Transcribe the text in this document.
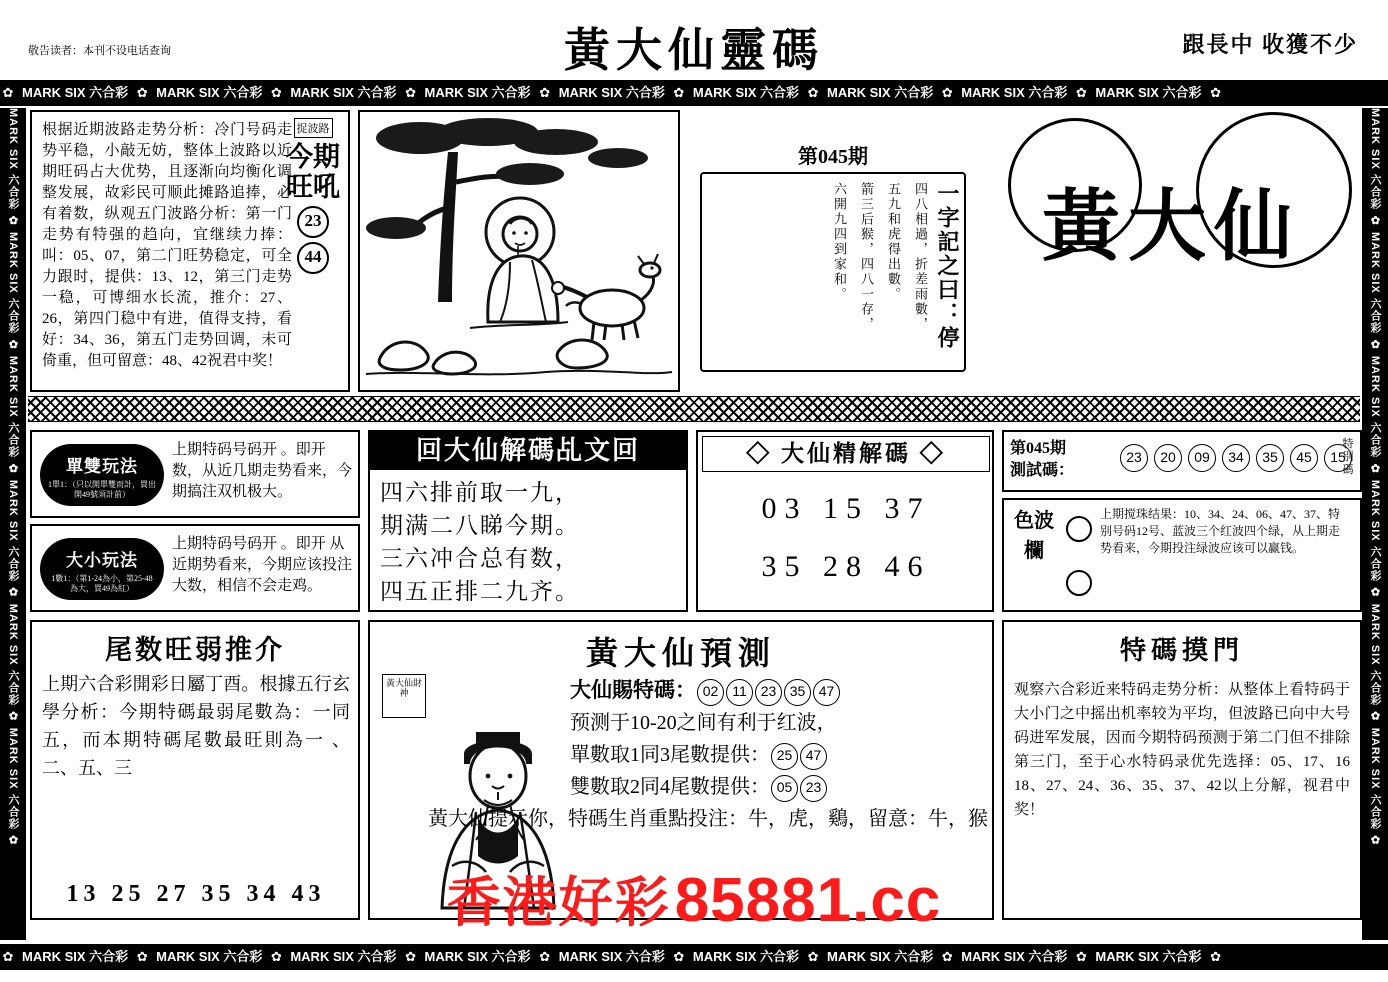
敬告读者：本刊不设电话查询	黃大仙靈碼	跟長中 收獲不少
✿ MARK SIX 六合彩 ✿ MARK SIX 六合彩 ✿ MARK SIX 六合彩 ✿ MARK SIX 六合彩 ✿ MARK SIX 六合彩 ✿ MARK SIX 六合彩 ✿ MARK SIX 六合彩 ✿ MARK SIX 六合彩 ✿ MARK SIX 六合彩 ✿
MARK SIX 六合彩 ✿ MARK SIX 六合彩 ✿ MARK SIX 六合彩 ✿ MARK SIX 六合彩 ✿ MARK SIX 六合彩 ✿ MARK SIX 六合彩 ✿	MARK SIX 六合彩 ✿ MARK SIX 六合彩 ✿ MARK SIX 六合彩 ✿ MARK SIX 六合彩 ✿ MARK SIX 六合彩 ✿ MARK SIX 六合彩 ✿
根据近期波路走势分析：冷门号码走势平稳，小敲无妨，整体上波路以近期旺码占大优势，且逐渐向均衡化调整发展，故彩民可顺此摊路追捧，必有着数，纵观五门波路分析：第一门走势有特强的趋向，宜继续力捧：叫：05、07，第二门旺势稳定，可全力跟时，提供：13、12，第三门走势一稳，可博细水长流，推介：27、26，第四门稳中有进，值得支持，看好：34、36，第五门走势回调，未可倚重，但可留意：48、42祝君中奖！
捉波路
今期旺吼
23 44
第045期
一字記之曰：停
四八相過，折差雨數，
五九和虎得出數。
箭三后猴，四八一存，
六開九四到家和。	黃大仙
單雙玩法
1單1：（只以開單雙而計，買出開49號須計前）
上期特码号码开 。即开 数，从近几期走势看来，今期搞注双机极大。
大小玩法
1數1：（第1-24為小，第25-48為大，買49為紅）
上期特码号码开 。即开 从近期势看来，今期应该投注大数，相信不会走鸡。
回大仙解碼乩文回
四六排前取一九，
期满二八睇今期。
三六冲合总有数，
四五正排二九齐。
◇ 大仙精解碼 ◇
03 15 37
35 28 46
第045期
測試碼：
23 20 09 34 35 45 15
特別碼
色波欄
上期搅珠结果：10、34、24、06、47、37、特别号码12号、蓝波三个红波四个绿，从上期走势看来，今期投注绿波应该可以赢钱。
尾数旺弱推介
上期六合彩開彩日屬丁酉。根據五行玄學分析：今期特碼最弱尾數為：一同五，而本期特碼尾數最旺則為一 、二、五、三
13 25 27 35 34 43
黃大仙預測
黃大仙財神	大仙賜特碼： 02 11 23 35 47
预测于10-20之间有利于红波，
單數取1同3尾數提供： 25 47
雙數取2同4尾數提供： 05 23
黃大仙提示你，特碼生肖重點投注：牛，虎，鷄，留意：牛，猴
特碼摸門
观察六合彩近来特码走势分析：从整体上看特码于大小门之中摇出机率较为平均，但波路已向中大号码进军发展，因而今期特码预测于第二门但不排除第三门，至于心水特码录优先选择：05、17、16 18、27、24、36、35、37、42以上分解，视君中奖！
香港好彩 85881.cc
✿ MARK SIX 六合彩 ✿ MARK SIX 六合彩 ✿ MARK SIX 六合彩 ✿ MARK SIX 六合彩 ✿ MARK SIX 六合彩 ✿ MARK SIX 六合彩 ✿ MARK SIX 六合彩 ✿ MARK SIX 六合彩 ✿ MARK SIX 六合彩 ✿
